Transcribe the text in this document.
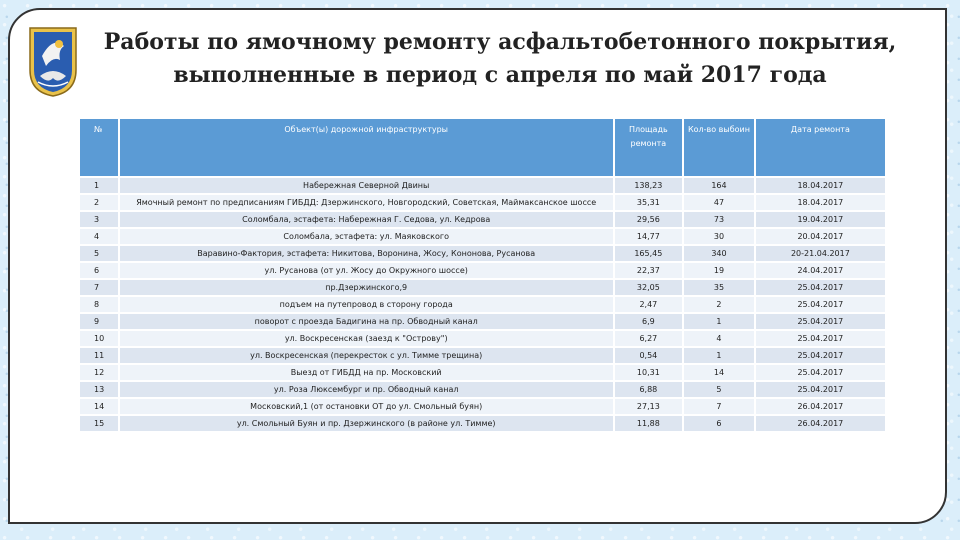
Работы по ямочному ремонту асфальтобетонного покрытия,
выполненные в период с апреля по май 2017 года
№	Объект(ы) дорожной инфраструктуры	Площадь ремонта	Кол-во выбоин	Дата ремонта
1	Набережная Северной Двины	138,23	164	18.04.2017
2	Ямочный ремонт по предписаниям ГИБДД: Дзержинского, Новгородский, Советская, Маймаксанское шоссе	35,31	47	18.04.2017
3	Соломбала, эстафета: Набережная Г. Седова, ул. Кедрова	29,56	73	19.04.2017
4	Соломбала, эстафета: ул. Маяковского	14,77	30	20.04.2017
5	Варавино-Фактория, эстафета: Никитова, Воронина, Жосу, Кононова, Русанова	165,45	340	20-21.04.2017
6	ул. Русанова (от ул. Жосу до Окружного шоссе)	22,37	19	24.04.2017
7	пр.Дзержинского,9	32,05	35	25.04.2017
8	подъем на путепровод в сторону города	2,47	2	25.04.2017
9	поворот с проезда Бадигина на пр. Обводный канал	6,9	1	25.04.2017
10	ул. Воскресенская (заезд к "Острову")	6,27	4	25.04.2017
11	ул. Воскресенская (перекресток с ул. Тимме трещина)	0,54	1	25.04.2017
12	Выезд от ГИБДД на пр. Московский	10,31	14	25.04.2017
13	ул. Роза Люксембург и пр. Обводный канал	6,88	5	25.04.2017
14	Московский,1 (от остановки ОТ до ул. Смольный буян)	27,13	7	26.04.2017
15	ул. Смольный Буян и пр. Дзержинского (в районе ул. Тимме)	11,88	6	26.04.2017
